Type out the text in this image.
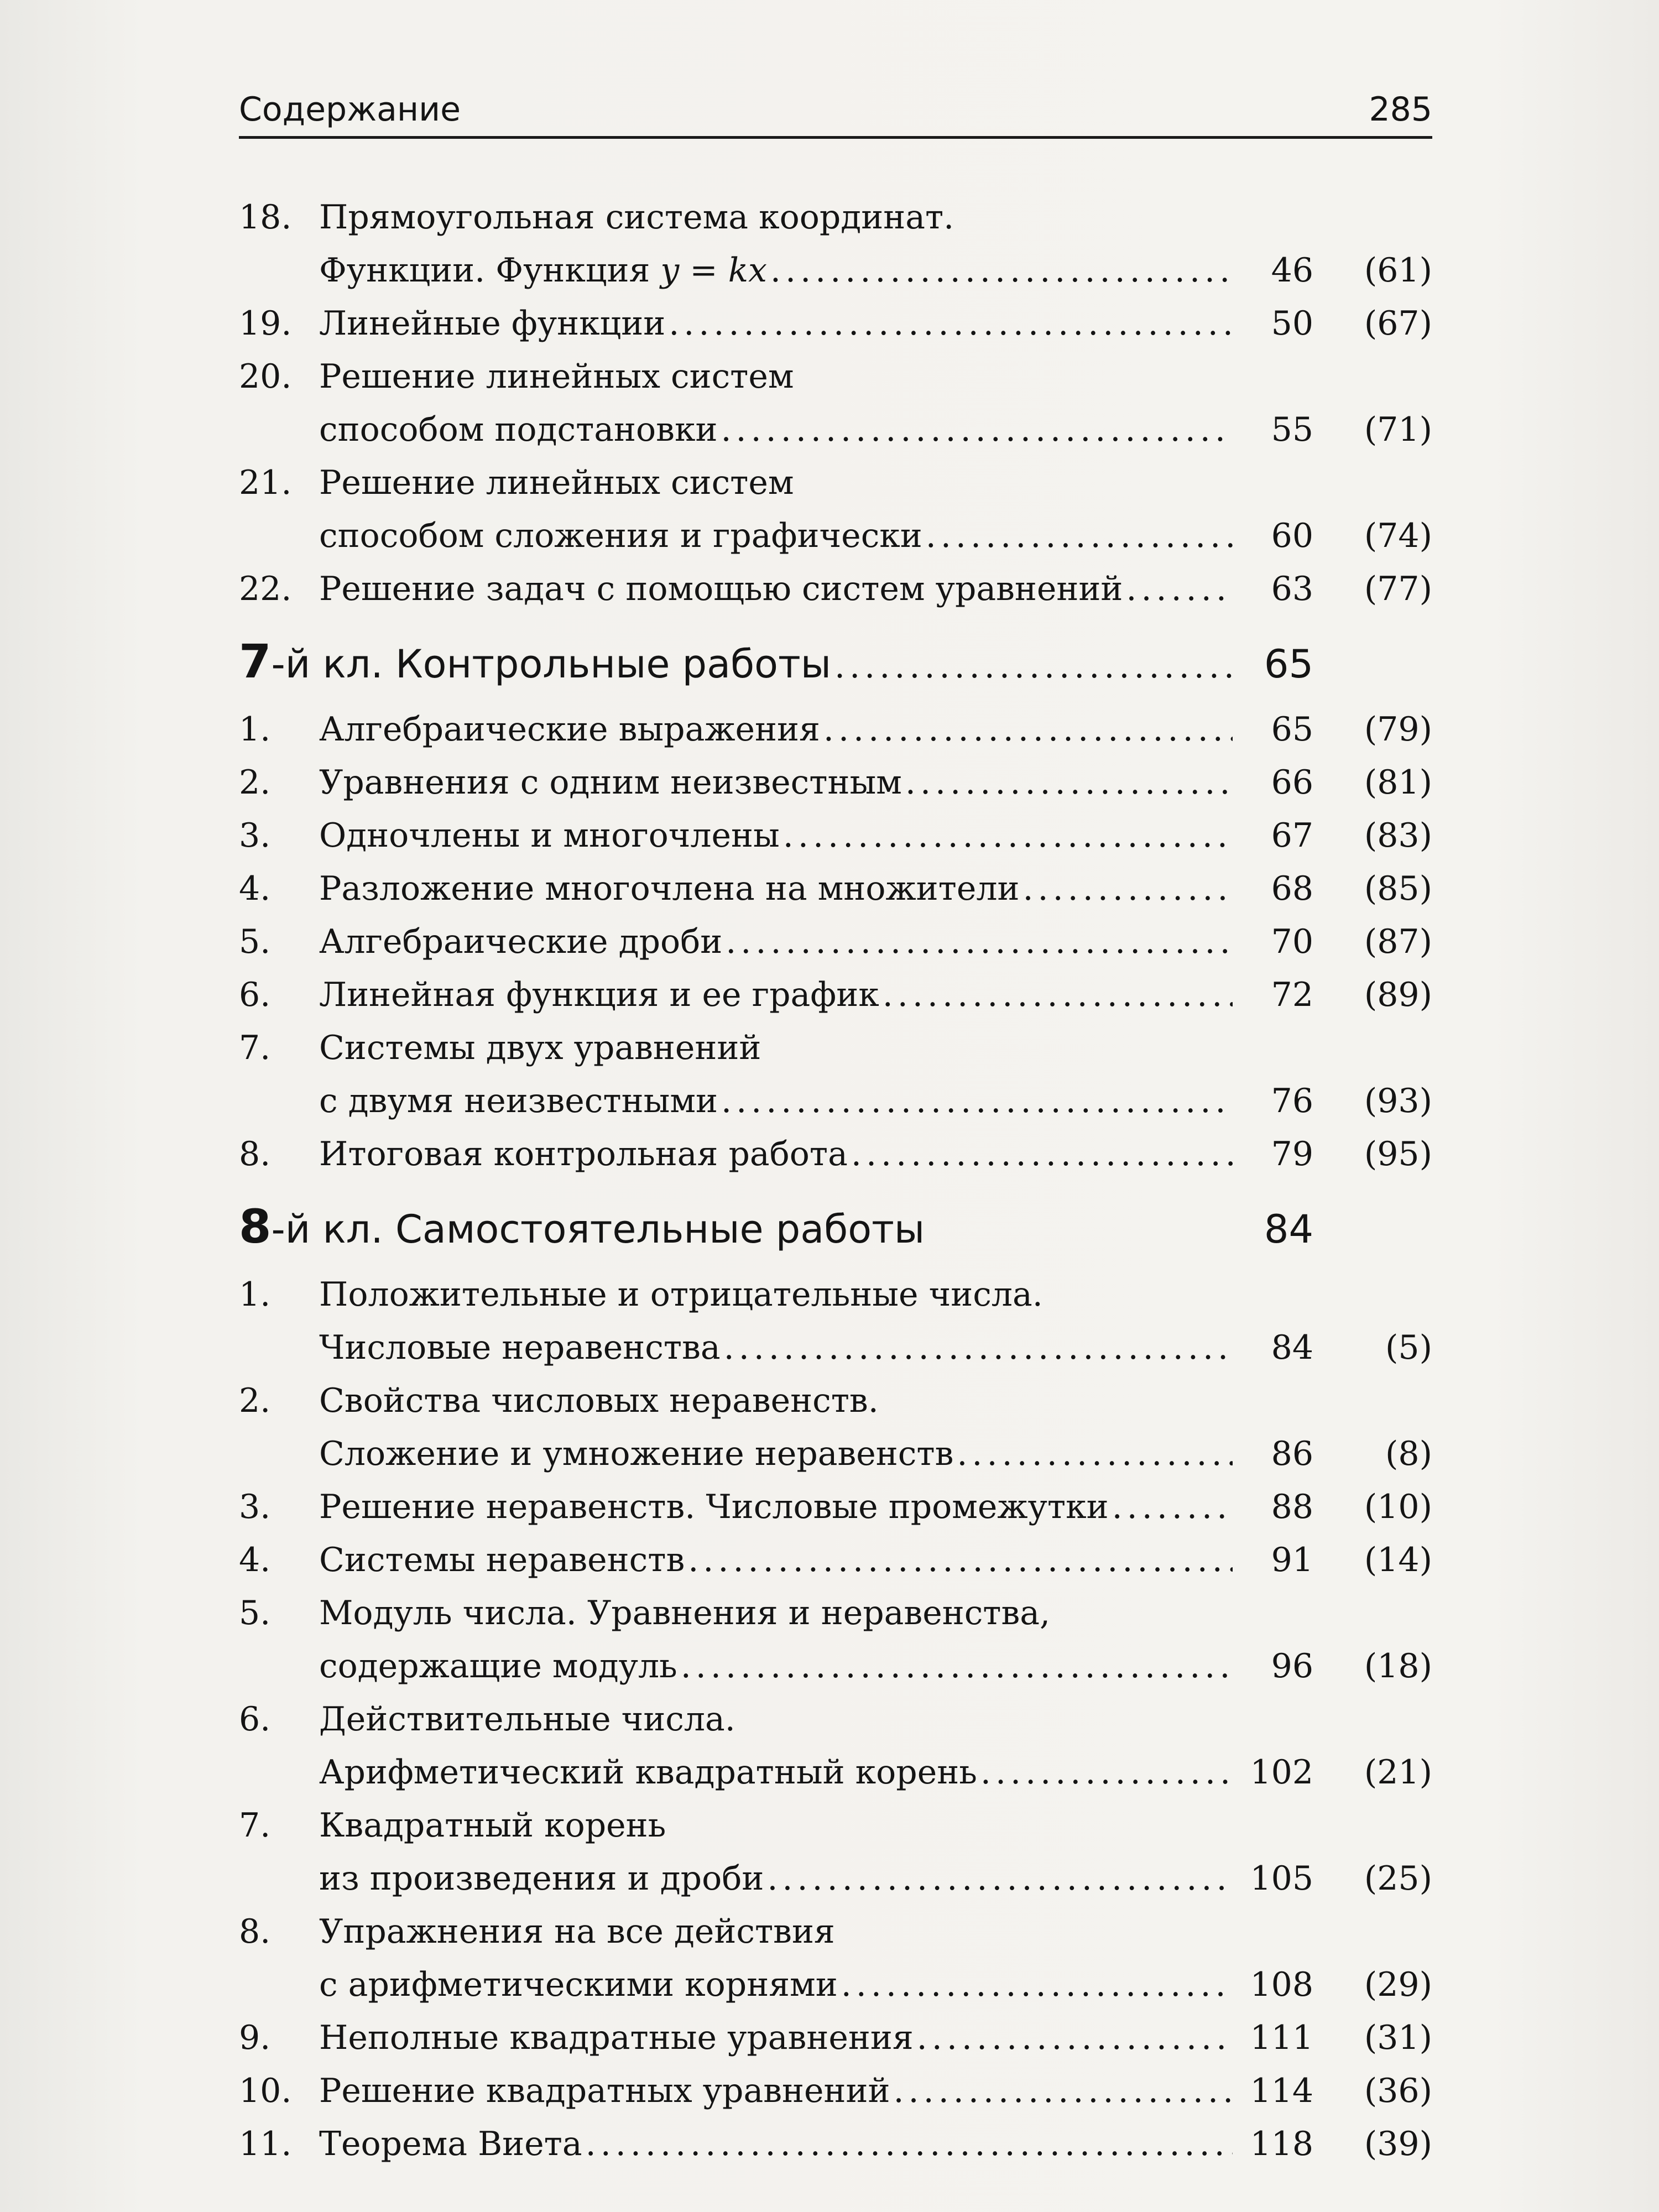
Содержание	285
18. Прямоугольная система координат.
Функции. Функция y = kx .....	46	(61)
19. Линейные функции .....	50	(67)
20. Решение линейных систем
способом подстановки .....	55	(71)
21. Решение линейных систем
способом сложения и графически .....	60	(74)
22. Решение задач с помощью систем уравнений .....	63	(77)
7-й кл. Контрольные работы .....	65
1.	Алгебраические выражения .....	65	(79)
2.	Уравнения с одним неизвестным .....	66	(81)
3.	Одночлены и многочлены .....	67	(83)
4.	Разложение многочлена на множители .....	68	(85)
5.	Алгебраические дроби .....	70	(87)
6.	Линейная функция и ее график .....	72	(89)
7.	Системы двух уравнений
с двумя неизвестными .....	76	(93)
8.	Итоговая контрольная работа .....	79	(95)
8-й кл. Самостоятельные работы	84
1.	Положительные и отрицательные числа.
Числовые неравенства .....	84	(5)
2.	Свойства числовых неравенств.
Сложение и умножение неравенств .....	86	(8)
3.	Решение неравенств. Числовые промежутки .....	88	(10)
4.	Системы неравенств .....	91	(14)
5.	Модуль числа. Уравнения и неравенства,
содержащие модуль .....	96	(18)
6.	Действительные числа.
Арифметический квадратный корень .....	102	(21)
7.	Квадратный корень
из произведения и дроби .....	105	(25)
8.	Упражнения на все действия
с арифметическими корнями .....	108	(29)
9.	Неполные квадратные уравнения .....	111	(31)
10. Решение квадратных уравнений .....	114	(36)
11. Теорема Виета .....	118	(39)
